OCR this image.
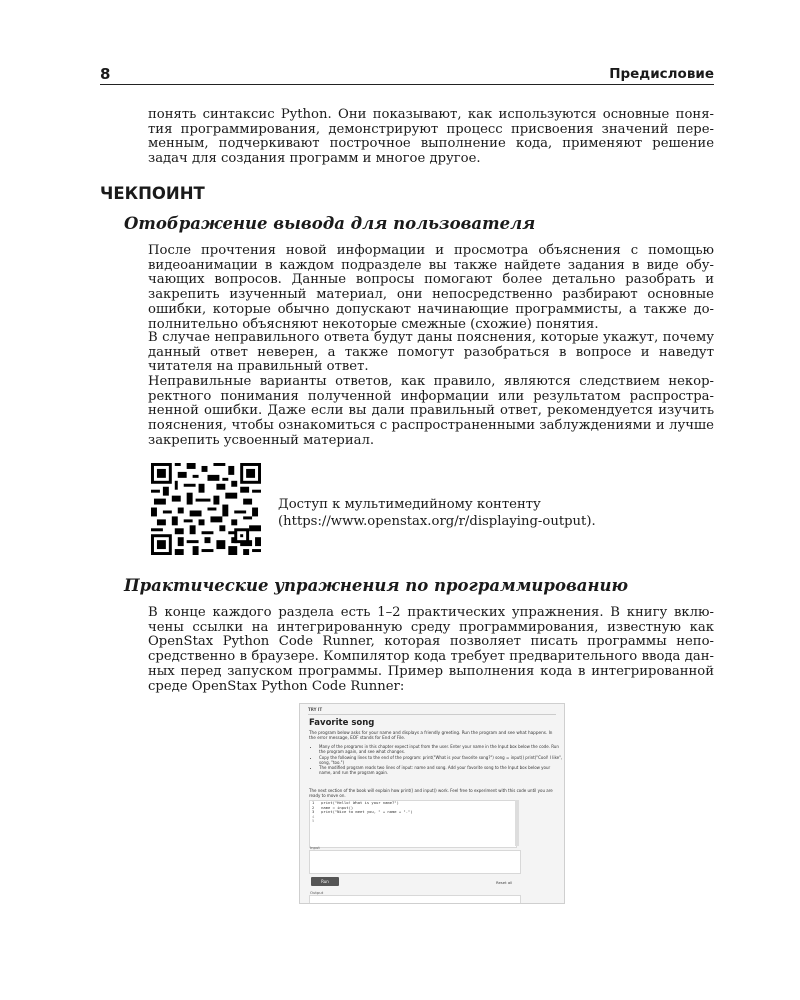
8	Предисловие

понять синтаксис Python. Они показывают, как используются основные понятия программирования, демонстрируют процесс присвоения значений переменным, подчеркивают построчное выполнение кода, применяют решение задач для создания программ и многое другое.

ЧЕКПОИНТ
Отображение вывода для пользователя

После прочтения новой информации и просмотра объяснения с помощью видеоанимации в каждом подразделе вы также найдете задания в виде обучающих вопросов. Данные вопросы помогают более детально разобрать и закрепить изученный материал, они непосредственно разбирают основные ошибки, которые обычно допускают начинающие программисты, а также дополнительно объясняют некоторые смежные (схожие) понятия.

В случае неправильного ответа будут даны пояснения, которые укажут, почему данный ответ неверен, а также помогут разобраться в вопросе и наведут читателя на правильный ответ.

Неправильные варианты ответов, как правило, являются следствием некорректного понимания полученной информации или результатом распространенной ошибки. Даже если вы дали правильный ответ, рекомендуется изучить пояснения, чтобы ознакомиться с распространенными заблуждениями и лучше закрепить усвоенный материал.

Доступ к мультимедийному контенту
(https://www.openstax.org/r/displaying-output).
Практические упражнения по программированию

В конце каждого раздела есть 1–2 практических упражнения. В книгу включены ссылки на интегрированную среду программирования, известную как OpenStax Python Code Runner, которая позволяет писать программы непосредственно в браузере. Компилятор кода требует предварительного ввода данных перед запуском программы. Пример выполнения кода в интегрированной среде OpenStax Python Code Runner:

TRY IT
Favorite song
The program below asks for your name and displays a friendly greeting. Run the program and see what happens. In the error message, EOF stands for End of File.
• Many of the programs in this chapter expect input from the user. Enter your name in the Input box below the code. Run the program again, and see what changes.
• Copy the following lines to the end of the program: print("What is your favorite song?") song = input() print("Cool! I like", song, "too.")
• The modified program reads two lines of input: name and song. Add your favorite song to the Input box below your name, and run the program again.
The next section of the book will explain how print() and input() work. Feel free to experiment with this code until you are ready to move on.
1   print("Hello! What is your name?")
2   name = input()
3   print("Nice to meet you, " + name + ".")
4
5
Input
Run	Reset all
Output
